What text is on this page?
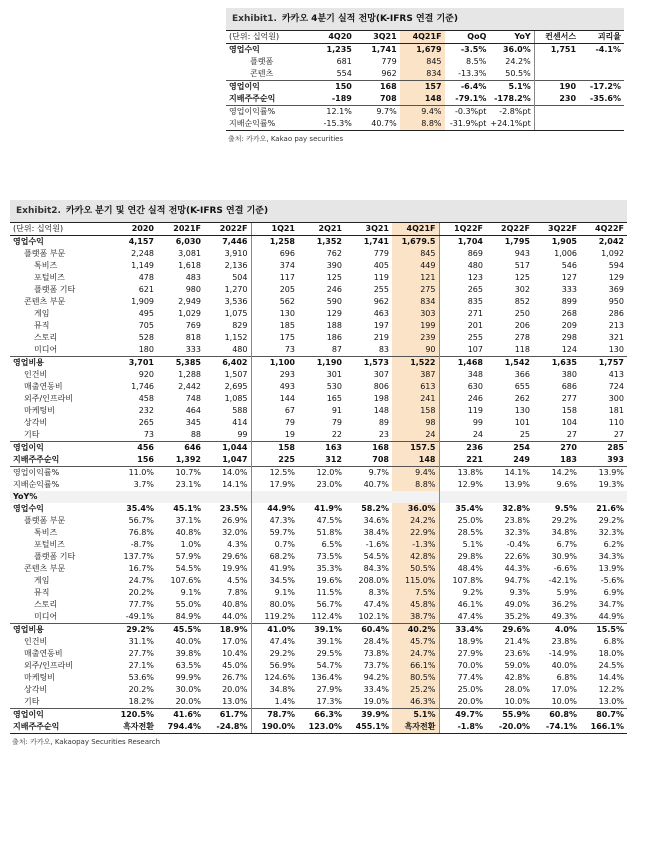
Exhibit1. 카카오 4분기 실적 전망(K-IFRS 연결 기준)
(단위: 십억원)	4Q20	3Q21	4Q21F	QoQ	YoY	컨센서스	괴리율
영업수익	1,235	1,741	1,679	-3.5%	36.0%	1,751	-4.1%
플랫폼	681	779	845	8.5%	24.2%		
콘텐츠	554	962	834	-13.3%	50.5%		
영업이익	150	168	157	-6.4%	5.1%	190	-17.2%
지배주주순익	-189	708	148	-79.1%	-178.2%	230	-35.6%
영업이익률%	12.1%	9.7%	9.4%	-0.3%pt	-2.8%pt		
지배순익률%	-15.3%	40.7%	8.8%	-31.9%pt	+24.1%pt		
출처: 카카오, Kakao pay securities
Exhibit2. 카카오 분기 및 연간 실적 전망(K-IFRS 연결 기준)
(단위: 십억원)	2020	2021F	2022F	1Q21	2Q21	3Q21	4Q21F	1Q22F	2Q22F	3Q22F	4Q22F
영업수익	4,157	6,030	7,446	1,258	1,352	1,741	1,679.5	1,704	1,795	1,905	2,042
플랫폼 부문	2,248	3,081	3,910	696	762	779	845	869	943	1,006	1,092
톡비즈	1,149	1,618	2,136	374	390	405	449	480	517	546	594
포털비즈	478	483	504	117	125	119	121	123	125	127	129
플랫폼 기타	621	980	1,270	205	246	255	275	265	302	333	369
콘텐츠 부문	1,909	2,949	3,536	562	590	962	834	835	852	899	950
게임	495	1,029	1,075	130	129	463	303	271	250	268	286
뮤직	705	769	829	185	188	197	199	201	206	209	213
스토리	528	818	1,152	175	186	219	239	255	278	298	321
미디어	180	333	480	73	87	83	90	107	118	124	130
영업비용	3,701	5,385	6,402	1,100	1,190	1,573	1,522	1,468	1,542	1,635	1,757
인건비	920	1,288	1,507	293	301	307	387	348	366	380	413
매출연동비	1,746	2,442	2,695	493	530	806	613	630	655	686	724
외주/인프라비	458	748	1,085	144	165	198	241	246	262	277	300
마케팅비	232	464	588	67	91	148	158	119	130	158	181
상각비	265	345	414	79	79	89	98	99	101	104	110
기타	73	88	99	19	22	23	24	24	25	27	27
영업이익	456	646	1,044	158	163	168	157.5	236	254	270	285
지배주주순익	156	1,392	1,047	225	312	708	148	221	249	183	393
영업이익률%	11.0%	10.7%	14.0%	12.5%	12.0%	9.7%	9.4%	13.8%	14.1%	14.2%	13.9%
지배순익률%	3.7%	23.1%	14.1%	17.9%	23.0%	40.7%	8.8%	12.9%	13.9%	9.6%	19.3%
YoY%											
영업수익	35.4%	45.1%	23.5%	44.9%	41.9%	58.2%	36.0%	35.4%	32.8%	9.5%	21.6%
플랫폼 부문	56.7%	37.1%	26.9%	47.3%	47.5%	34.6%	24.2%	25.0%	23.8%	29.2%	29.2%
톡비즈	76.8%	40.8%	32.0%	59.7%	51.8%	38.4%	22.9%	28.5%	32.3%	34.8%	32.3%
포털비즈	-8.7%	1.0%	4.3%	0.7%	6.5%	-1.6%	-1.3%	5.1%	-0.4%	6.7%	6.2%
플랫폼 기타	137.7%	57.9%	29.6%	68.2%	73.5%	54.5%	42.8%	29.8%	22.6%	30.9%	34.3%
콘텐츠 부문	16.7%	54.5%	19.9%	41.9%	35.3%	84.3%	50.5%	48.4%	44.3%	-6.6%	13.9%
게임	24.7%	107.6%	4.5%	34.5%	19.6%	208.0%	115.0%	107.8%	94.7%	-42.1%	-5.6%
뮤직	20.2%	9.1%	7.8%	9.1%	11.5%	8.3%	7.5%	9.2%	9.3%	5.9%	6.9%
스토리	77.7%	55.0%	40.8%	80.0%	56.7%	47.4%	45.8%	46.1%	49.0%	36.2%	34.7%
미디어	-49.1%	84.9%	44.0%	119.2%	112.4%	102.1%	38.7%	47.4%	35.2%	49.3%	44.9%
영업비용	29.2%	45.5%	18.9%	41.0%	39.1%	60.4%	40.2%	33.4%	29.6%	4.0%	15.5%
인건비	31.1%	40.0%	17.0%	47.4%	39.1%	28.4%	45.7%	18.9%	21.4%	23.8%	6.8%
매출연동비	27.7%	39.8%	10.4%	29.2%	29.5%	73.8%	24.7%	27.9%	23.6%	-14.9%	18.0%
외주/인프라비	27.1%	63.5%	45.0%	56.9%	54.7%	73.7%	66.1%	70.0%	59.0%	40.0%	24.5%
마케팅비	53.6%	99.9%	26.7%	124.6%	136.4%	94.2%	80.5%	77.4%	42.8%	6.8%	14.4%
상각비	20.2%	30.0%	20.0%	34.8%	27.9%	33.4%	25.2%	25.0%	28.0%	17.0%	12.2%
기타	18.2%	20.0%	13.0%	1.4%	17.3%	19.0%	46.3%	20.0%	10.0%	10.0%	13.0%
영업이익	120.5%	41.6%	61.7%	78.7%	66.3%	39.9%	5.1%	49.7%	55.9%	60.8%	80.7%
지배주주순익	흑자전환	794.4%	-24.8%	190.0%	123.0%	455.1%	흑자전환	-1.8%	-20.0%	-74.1%	166.1%
출처: 카카오, Kakaopay Securities Research
